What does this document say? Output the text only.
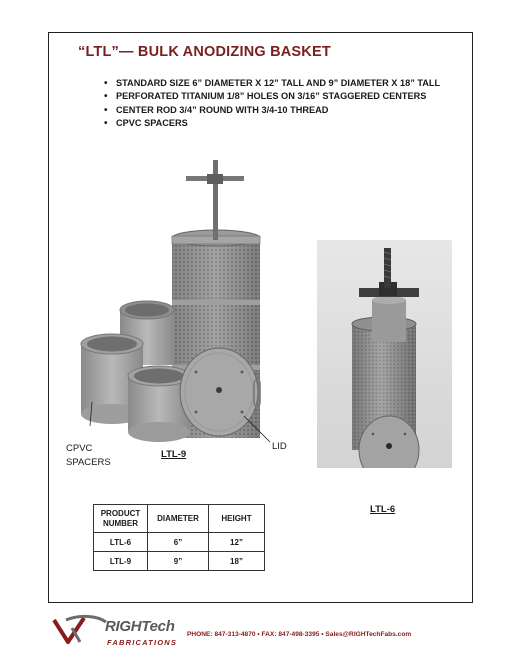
“LTL”— BULK ANODIZING BASKET
• STANDARD SIZE 6” DIAMETER X 12” TALL AND 9” DIAMETER X 18” TALL
• PERFORATED TITANIUM 1/8” HOLES ON 3/16” STAGGERED CENTERS
• CENTER ROD 3/4” ROUND WITH 3/4-10 THREAD
• CPVC SPACERS
CPVC
SPACERS
LID
LTL-9
LTL-6
PRODUCT
NUMBER	DIAMETER	HEIGHT
LTL-6	6”	12”
LTL-9	9”	18”
RIGHTech
FABRICATIONS
PHONE: 847-313-4870 • FAX: 847-498-3395 • Sales@RIGHTechFabs.com
